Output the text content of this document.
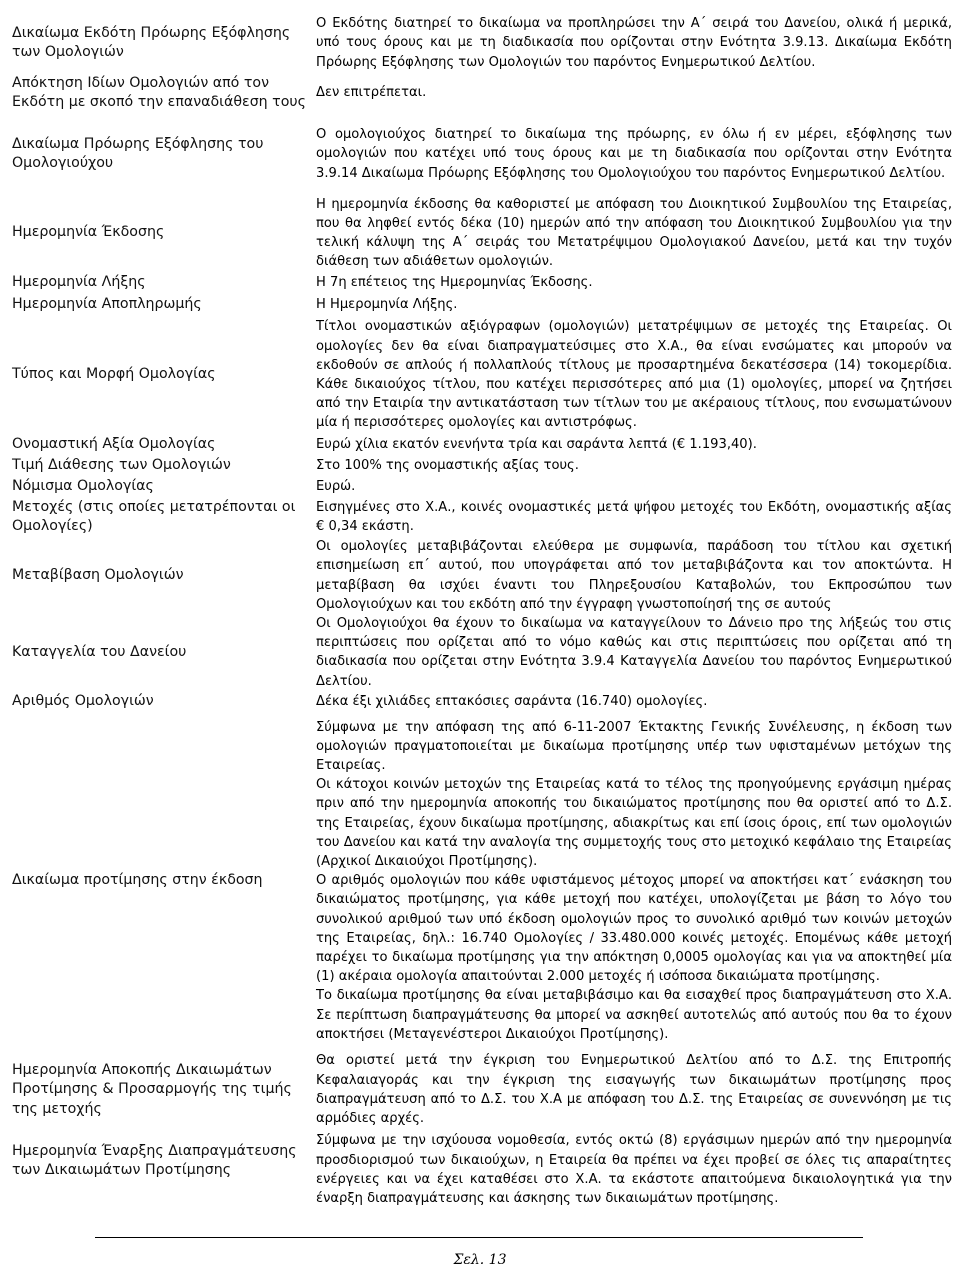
Δικαίωμα Εκδότη Πρόωρης Εξόφλησης των Ομολογιών	Ο Εκδότης διατηρεί το δικαίωμα να προπληρώσει την Α΄ σειρά του Δανείου, ολικά ή μερικά, υπό τους όρους και με τη διαδικασία που ορίζονται στην Ενότητα 3.9.13. Δικαίωμα Εκδότη Πρόωρης Εξόφλησης των Ομολογιών του παρόντος Ενημερωτικού Δελτίου.

Απόκτηση Ιδίων Ομολογιών από τον Εκδότη με σκοπό την επαναδιάθεση τους	Δεν επιτρέπεται.

Δικαίωμα Πρόωρης Εξόφλησης του Ομολογιούχου	Ο ομολογιούχος διατηρεί το δικαίωμα της πρόωρης, εν όλω ή εν μέρει, εξόφλησης των ομολογιών που κατέχει υπό τους όρους και με τη διαδικασία που ορίζονται στην Ενότητα 3.9.14 Δικαίωμα Πρόωρης Εξόφλησης του Ομολογιούχου του παρόντος Ενημερωτικού Δελτίου.

Ημερομηνία Έκδοσης	Η ημερομηνία έκδοσης θα καθοριστεί με απόφαση του Διοικητικού Συμβουλίου της Εταιρείας, που θα ληφθεί εντός δέκα (10) ημερών από την απόφαση του Διοικητικού Συμβουλίου για την τελική κάλυψη της Α΄ σειράς του Μετατρέψιμου Ομολογιακού Δανείου, μετά και την τυχόν διάθεση των αδιάθετων ομολογιών.

Ημερομηνία Λήξης	Η 7η επέτειος της Ημερομηνίας Έκδοσης.

Ημερομηνία Αποπληρωμής	Η Ημερομηνία Λήξης.

Τύπος και Μορφή Ομολογίας	Τίτλοι ονομαστικών αξιόγραφων (ομολογιών) μετατρέψιμων σε μετοχές της Εταιρείας. Οι ομολογίες δεν θα είναι διαπραγματεύσιμες στο Χ.Α., θα είναι ενσώματες και μπορούν να εκδοθούν σε απλούς ή πολλαπλούς τίτλους με προσαρτημένα δεκατέσσερα (14) τοκομερίδια. Κάθε δικαιούχος τίτλου, που κατέχει περισσότερες από μια (1) ομολογίες, μπορεί να ζητήσει από την Εταιρία την αντικατάσταση των τίτλων του με ακέραιους τίτλους, που ενσωματώνουν μία ή περισσότερες ομολογίες και αντιστρόφως.

Ονομαστική Αξία Ομολογίας	Ευρώ χίλια εκατόν ενενήντα τρία και σαράντα λεπτά (€ 1.193,40).

Τιμή Διάθεσης των Ομολογιών	Στο 100% της ονομαστικής αξίας τους.

Νόμισμα Ομολογίας	Ευρώ.

Μετοχές (στις οποίες μετατρέπονται οι Ομολογίες)	Εισηγμένες στο Χ.Α., κοινές ονομαστικές μετά ψήφου μετοχές του Εκδότη, ονομαστικής αξίας € 0,34 εκάστη.

Μεταβίβαση Ομολογιών	Οι ομολογίες μεταβιβάζονται ελεύθερα με συμφωνία, παράδοση του τίτλου και σχετική επισημείωση επ΄ αυτού, που υπογράφεται από τον μεταβιβάζοντα και τον αποκτώντα. Η μεταβίβαση θα ισχύει έναντι του Πληρεξουσίου Καταβολών, του Εκπροσώπου των Ομολογιούχων και του εκδότη από την έγγραφη γνωστοποίησή της σε αυτούς

Καταγγελία του Δανείου	Οι Ομολογιούχοι θα έχουν το δικαίωμα να καταγγείλουν το Δάνειο προ της λήξεώς του στις περιπτώσεις που ορίζεται από το νόμο καθώς και στις περιπτώσεις που ορίζεται από τη διαδικασία που ορίζεται στην Ενότητα 3.9.4 Καταγγελία Δανείου του παρόντος Ενημερωτικού Δελτίου.

Αριθμός Ομολογιών	Δέκα έξι χιλιάδες επτακόσιες σαράντα (16.740) ομολογίες.

Δικαίωμα προτίμησης στην έκδοση	Σύμφωνα με την απόφαση της από 6-11-2007 Έκτακτης Γενικής Συνέλευσης, η έκδοση των ομολογιών πραγματοποιείται με δικαίωμα προτίμησης υπέρ των υφισταμένων μετόχων της Εταιρείας.

Οι κάτοχοι κοινών μετοχών της Εταιρείας κατά το τέλος της προηγούμενης εργάσιμη ημέρας πριν από την ημερομηνία αποκοπής του δικαιώματος προτίμησης που θα οριστεί από το Δ.Σ. της Εταιρείας, έχουν δικαίωμα προτίμησης, αδιακρίτως και επί ίσοις όροις, επί των ομολογιών του Δανείου και κατά την αναλογία της συμμετοχής τους στο μετοχικό κεφάλαιο της Εταιρείας (Αρχικοί Δικαιούχοι Προτίμησης).

Ο αριθμός ομολογιών που κάθε υφιστάμενος μέτοχος μπορεί να αποκτήσει κατ΄ ενάσκηση του δικαιώματος προτίμησης, για κάθε μετοχή που κατέχει, υπολογίζεται με βάση το λόγο του συνολικού αριθμού των υπό έκδοση ομολογιών προς το συνολικό αριθμό των κοινών μετοχών της Εταιρείας, δηλ.: 16.740 Ομολογίες / 33.480.000 κοινές μετοχές. Επομένως κάθε μετοχή παρέχει το δικαίωμα προτίμησης για την απόκτηση 0,0005 ομολογίας και για να αποκτηθεί μία (1) ακέραια ομολογία απαιτούνται 2.000 μετοχές ή ισόποσα δικαιώματα προτίμησης.

Το δικαίωμα προτίμησης θα είναι μεταβιβάσιμο και θα εισαχθεί προς διαπραγμάτευση στο Χ.Α. Σε περίπτωση διαπραγμάτευσης θα μπορεί να ασκηθεί αυτοτελώς από αυτούς που θα το έχουν αποκτήσει (Μεταγενέστεροι Δικαιούχοι Προτίμησης).

Ημερομηνία Αποκοπής Δικαιωμάτων Προτίμησης & Προσαρμογής της τιμής της μετοχής	Θα οριστεί μετά την έγκριση του Ενημερωτικού Δελτίου από το Δ.Σ. της Επιτροπής Κεφαλαιαγοράς και την έγκριση της εισαγωγής των δικαιωμάτων προτίμησης προς διαπραγμάτευση από το Δ.Σ. του Χ.Α με απόφαση του Δ.Σ. της Εταιρείας σε συνεννόηση με τις αρμόδιες αρχές.

Ημερομηνία Έναρξης Διαπραγμάτευσης των Δικαιωμάτων Προτίμησης	Σύμφωνα με την ισχύουσα νομοθεσία, εντός οκτώ (8) εργάσιμων ημερών από την ημερομηνία προσδιορισμού των δικαιούχων, η Εταιρεία θα πρέπει να έχει προβεί σε όλες τις απαραίτητες ενέργειες και να έχει καταθέσει στο Χ.Α. τα εκάστοτε απαιτούμενα δικαιολογητικά για την έναρξη διαπραγμάτευσης και άσκησης των δικαιωμάτων προτίμησης.

Σελ. 13
